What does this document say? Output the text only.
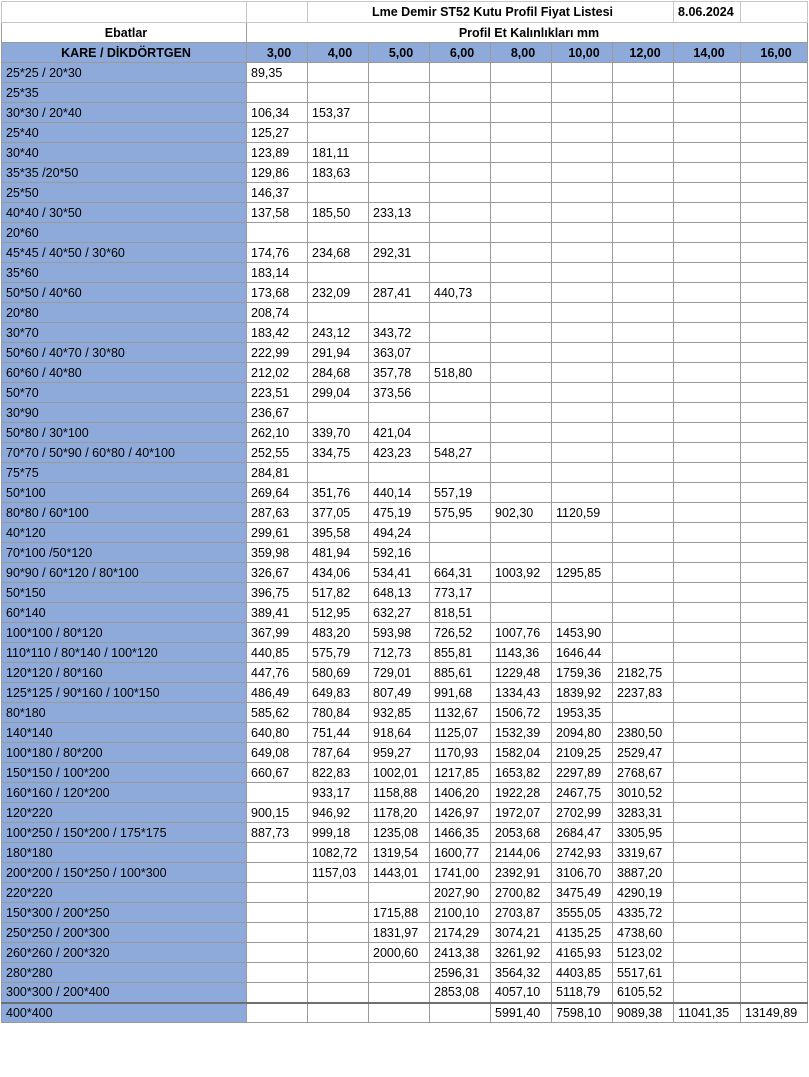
		Lme Demir ST52 Kutu Profil Fiyat Listesi						8.06.2024	
Ebatlar	Profil Et Kalınlıkları mm								
KARE / DİKDÖRTGEN	3,00	4,00	5,00	6,00	8,00	10,00	12,00	14,00	16,00
25*25 / 20*30	89,35								
25*35									
30*30 / 20*40	106,34	153,37							
25*40	125,27								
30*40	123,89	181,11							
35*35 /20*50	129,86	183,63							
25*50	146,37								
40*40 / 30*50	137,58	185,50	233,13						
20*60									
45*45 / 40*50 / 30*60	174,76	234,68	292,31						
35*60	183,14								
50*50 / 40*60	173,68	232,09	287,41	440,73					
20*80	208,74								
30*70	183,42	243,12	343,72						
50*60 / 40*70 / 30*80	222,99	291,94	363,07						
60*60 / 40*80	212,02	284,68	357,78	518,80					
50*70	223,51	299,04	373,56						
30*90	236,67								
50*80 / 30*100	262,10	339,70	421,04						
70*70 / 50*90 / 60*80 / 40*100	252,55	334,75	423,23	548,27					
75*75	284,81								
50*100	269,64	351,76	440,14	557,19					
80*80 / 60*100	287,63	377,05	475,19	575,95	902,30	1120,59			
40*120	299,61	395,58	494,24						
70*100 /50*120	359,98	481,94	592,16						
90*90 / 60*120 / 80*100	326,67	434,06	534,41	664,31	1003,92	1295,85			
50*150	396,75	517,82	648,13	773,17					
60*140	389,41	512,95	632,27	818,51					
100*100 / 80*120	367,99	483,20	593,98	726,52	1007,76	1453,90			
110*110 / 80*140 / 100*120	440,85	575,79	712,73	855,81	1143,36	1646,44			
120*120 / 80*160	447,76	580,69	729,01	885,61	1229,48	1759,36	2182,75		
125*125 / 90*160 / 100*150	486,49	649,83	807,49	991,68	1334,43	1839,92	2237,83		
80*180	585,62	780,84	932,85	1132,67	1506,72	1953,35			
140*140	640,80	751,44	918,64	1125,07	1532,39	2094,80	2380,50		
100*180 / 80*200	649,08	787,64	959,27	1170,93	1582,04	2109,25	2529,47		
150*150 / 100*200	660,67	822,83	1002,01	1217,85	1653,82	2297,89	2768,67		
160*160 / 120*200		933,17	1158,88	1406,20	1922,28	2467,75	3010,52		
120*220	900,15	946,92	1178,20	1426,97	1972,07	2702,99	3283,31		
100*250 / 150*200 / 175*175	887,73	999,18	1235,08	1466,35	2053,68	2684,47	3305,95		
180*180		1082,72	1319,54	1600,77	2144,06	2742,93	3319,67		
200*200 / 150*250 / 100*300		1157,03	1443,01	1741,00	2392,91	3106,70	3887,20		
220*220				2027,90	2700,82	3475,49	4290,19		
150*300 / 200*250			1715,88	2100,10	2703,87	3555,05	4335,72		
250*250 / 200*300			1831,97	2174,29	3074,21	4135,25	4738,60		
260*260 / 200*320			2000,60	2413,38	3261,92	4165,93	5123,02		
280*280				2596,31	3564,32	4403,85	5517,61		
300*300 / 200*400				2853,08	4057,10	5118,79	6105,52		
400*400					5991,40	7598,10	9089,38	11041,35	13149,89
